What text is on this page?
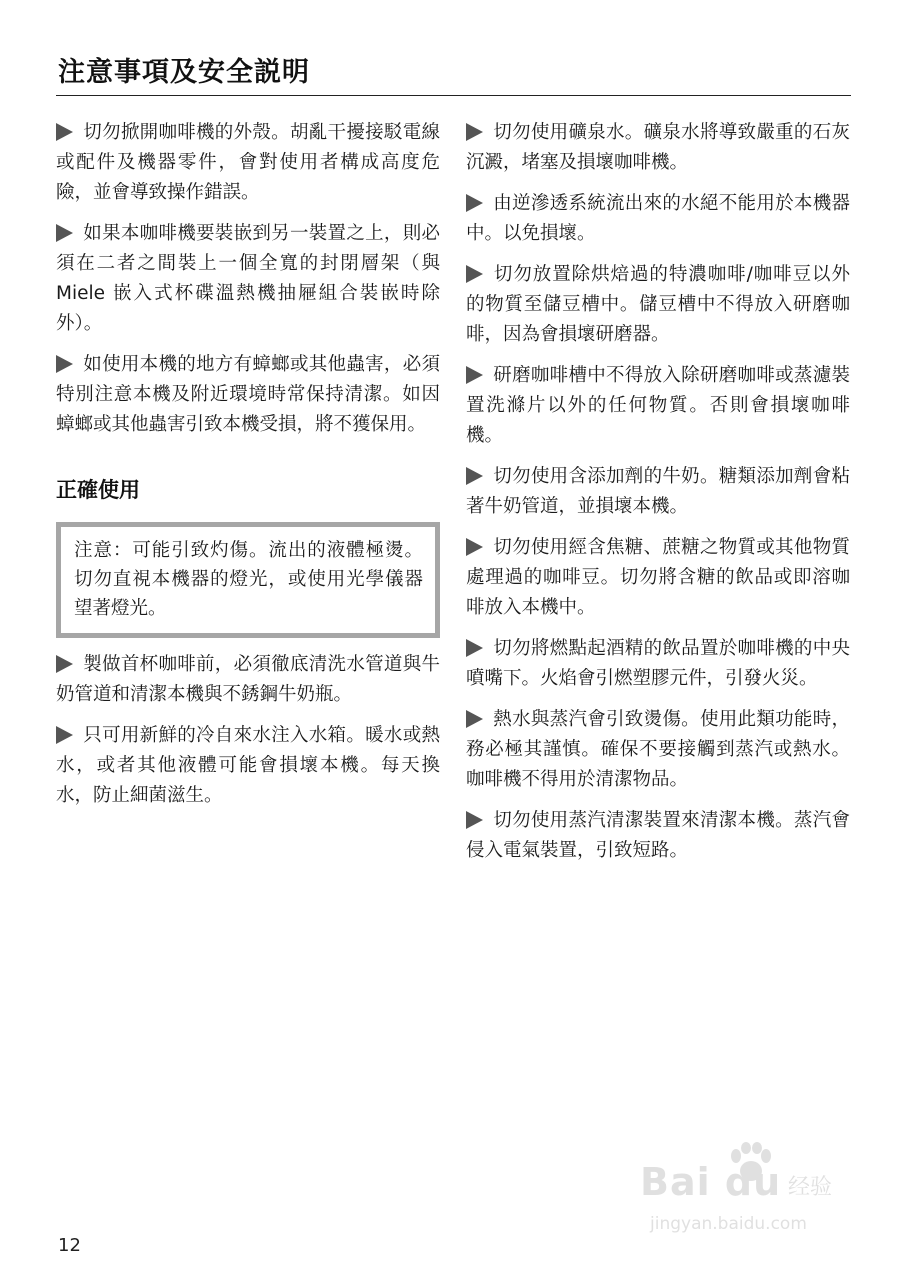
注意事項及安全説明

切勿掀開咖啡機的外殼。胡亂干擾接駁電線或配件及機器零件，會對使用者構成高度危險，並會導致操作錯誤。

如果本咖啡機要裝嵌到另一裝置之上，則必須在二者之間裝上一個全寬的封閉層架（與 Miele 嵌入式杯碟溫熱機抽屜組合裝嵌時除外）。

如使用本機的地方有蟑螂或其他蟲害，必須特別注意本機及附近環境時常保持清潔。如因蟑螂或其他蟲害引致本機受損，將不獲保用。

正確使用

注意：可能引致灼傷。流出的液體極燙。切勿直視本機器的燈光，或使用光學儀器望著燈光。

製做首杯咖啡前，必須徹底清洗水管道與牛奶管道和清潔本機與不銹鋼牛奶瓶。

只可用新鮮的冷自來水注入水箱。暖水或熱水，或者其他液體可能會損壞本機。每天換水，防止細菌滋生。

切勿使用礦泉水。礦泉水將導致嚴重的石灰沉澱，堵塞及損壞咖啡機。

由逆滲透系統流出來的水絕不能用於本機器中。以免損壞。

切勿放置除烘焙過的特濃咖啡/咖啡豆以外的物質至儲豆槽中。儲豆槽中不得放入研磨咖啡，因為會損壞研磨器。

研磨咖啡槽中不得放入除研磨咖啡或蒸濾裝置洗滌片以外的任何物質。否則會損壞咖啡機。

切勿使用含添加劑的牛奶。糖類添加劑會粘著牛奶管道，並損壞本機。

切勿使用經含焦糖、蔗糖之物質或其他物質處理過的咖啡豆。切勿將含糖的飲品或即溶咖啡放入本機中。

切勿將燃點起酒精的飲品置於咖啡機的中央噴嘴下。火焰會引燃塑膠元件，引發火災。

熱水與蒸汽會引致燙傷。使用此類功能時，務必極其謹慎。確保不要接觸到蒸汽或熱水。咖啡機不得用於清潔物品。

切勿使用蒸汽清潔裝置來清潔本機。蒸汽會侵入電氣裝置，引致短路。

12
Bai du 经验
jingyan.baidu.com
